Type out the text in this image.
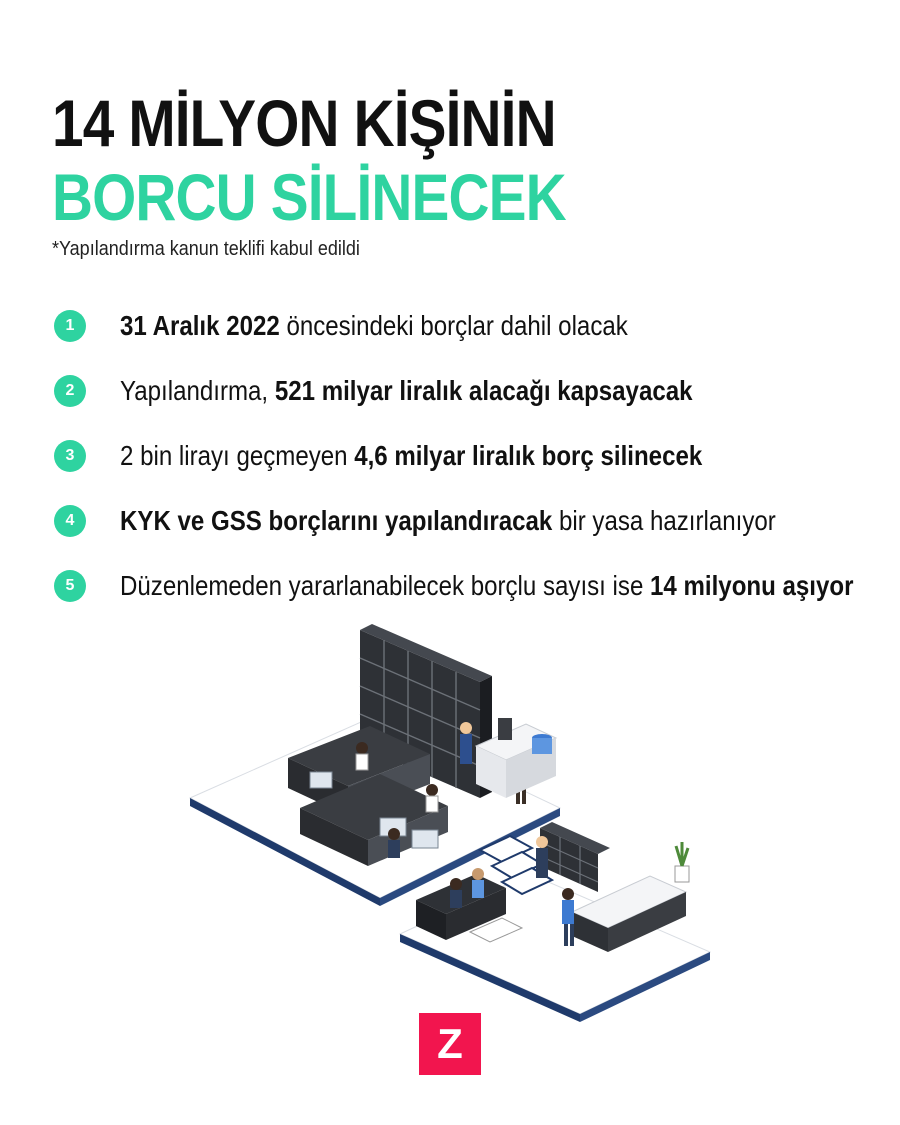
14 MİLYON KİŞİNİN
BORCU SİLİNECEK
*Yapılandırma kanun teklifi kabul edildi
1	31 Aralık 2022 öncesindeki borçlar dahil olacak
2	Yapılandırma, 521 milyar liralık alacağı kapsayacak
3	2 bin lirayı geçmeyen 4,6 milyar liralık borç silinecek
4	KYK ve GSS borçlarını yapılandıracak bir yasa hazırlanıyor
5	Düzenlemeden yararlanabilecek borçlu sayısı ise 14 milyonu aşıyor
Z
